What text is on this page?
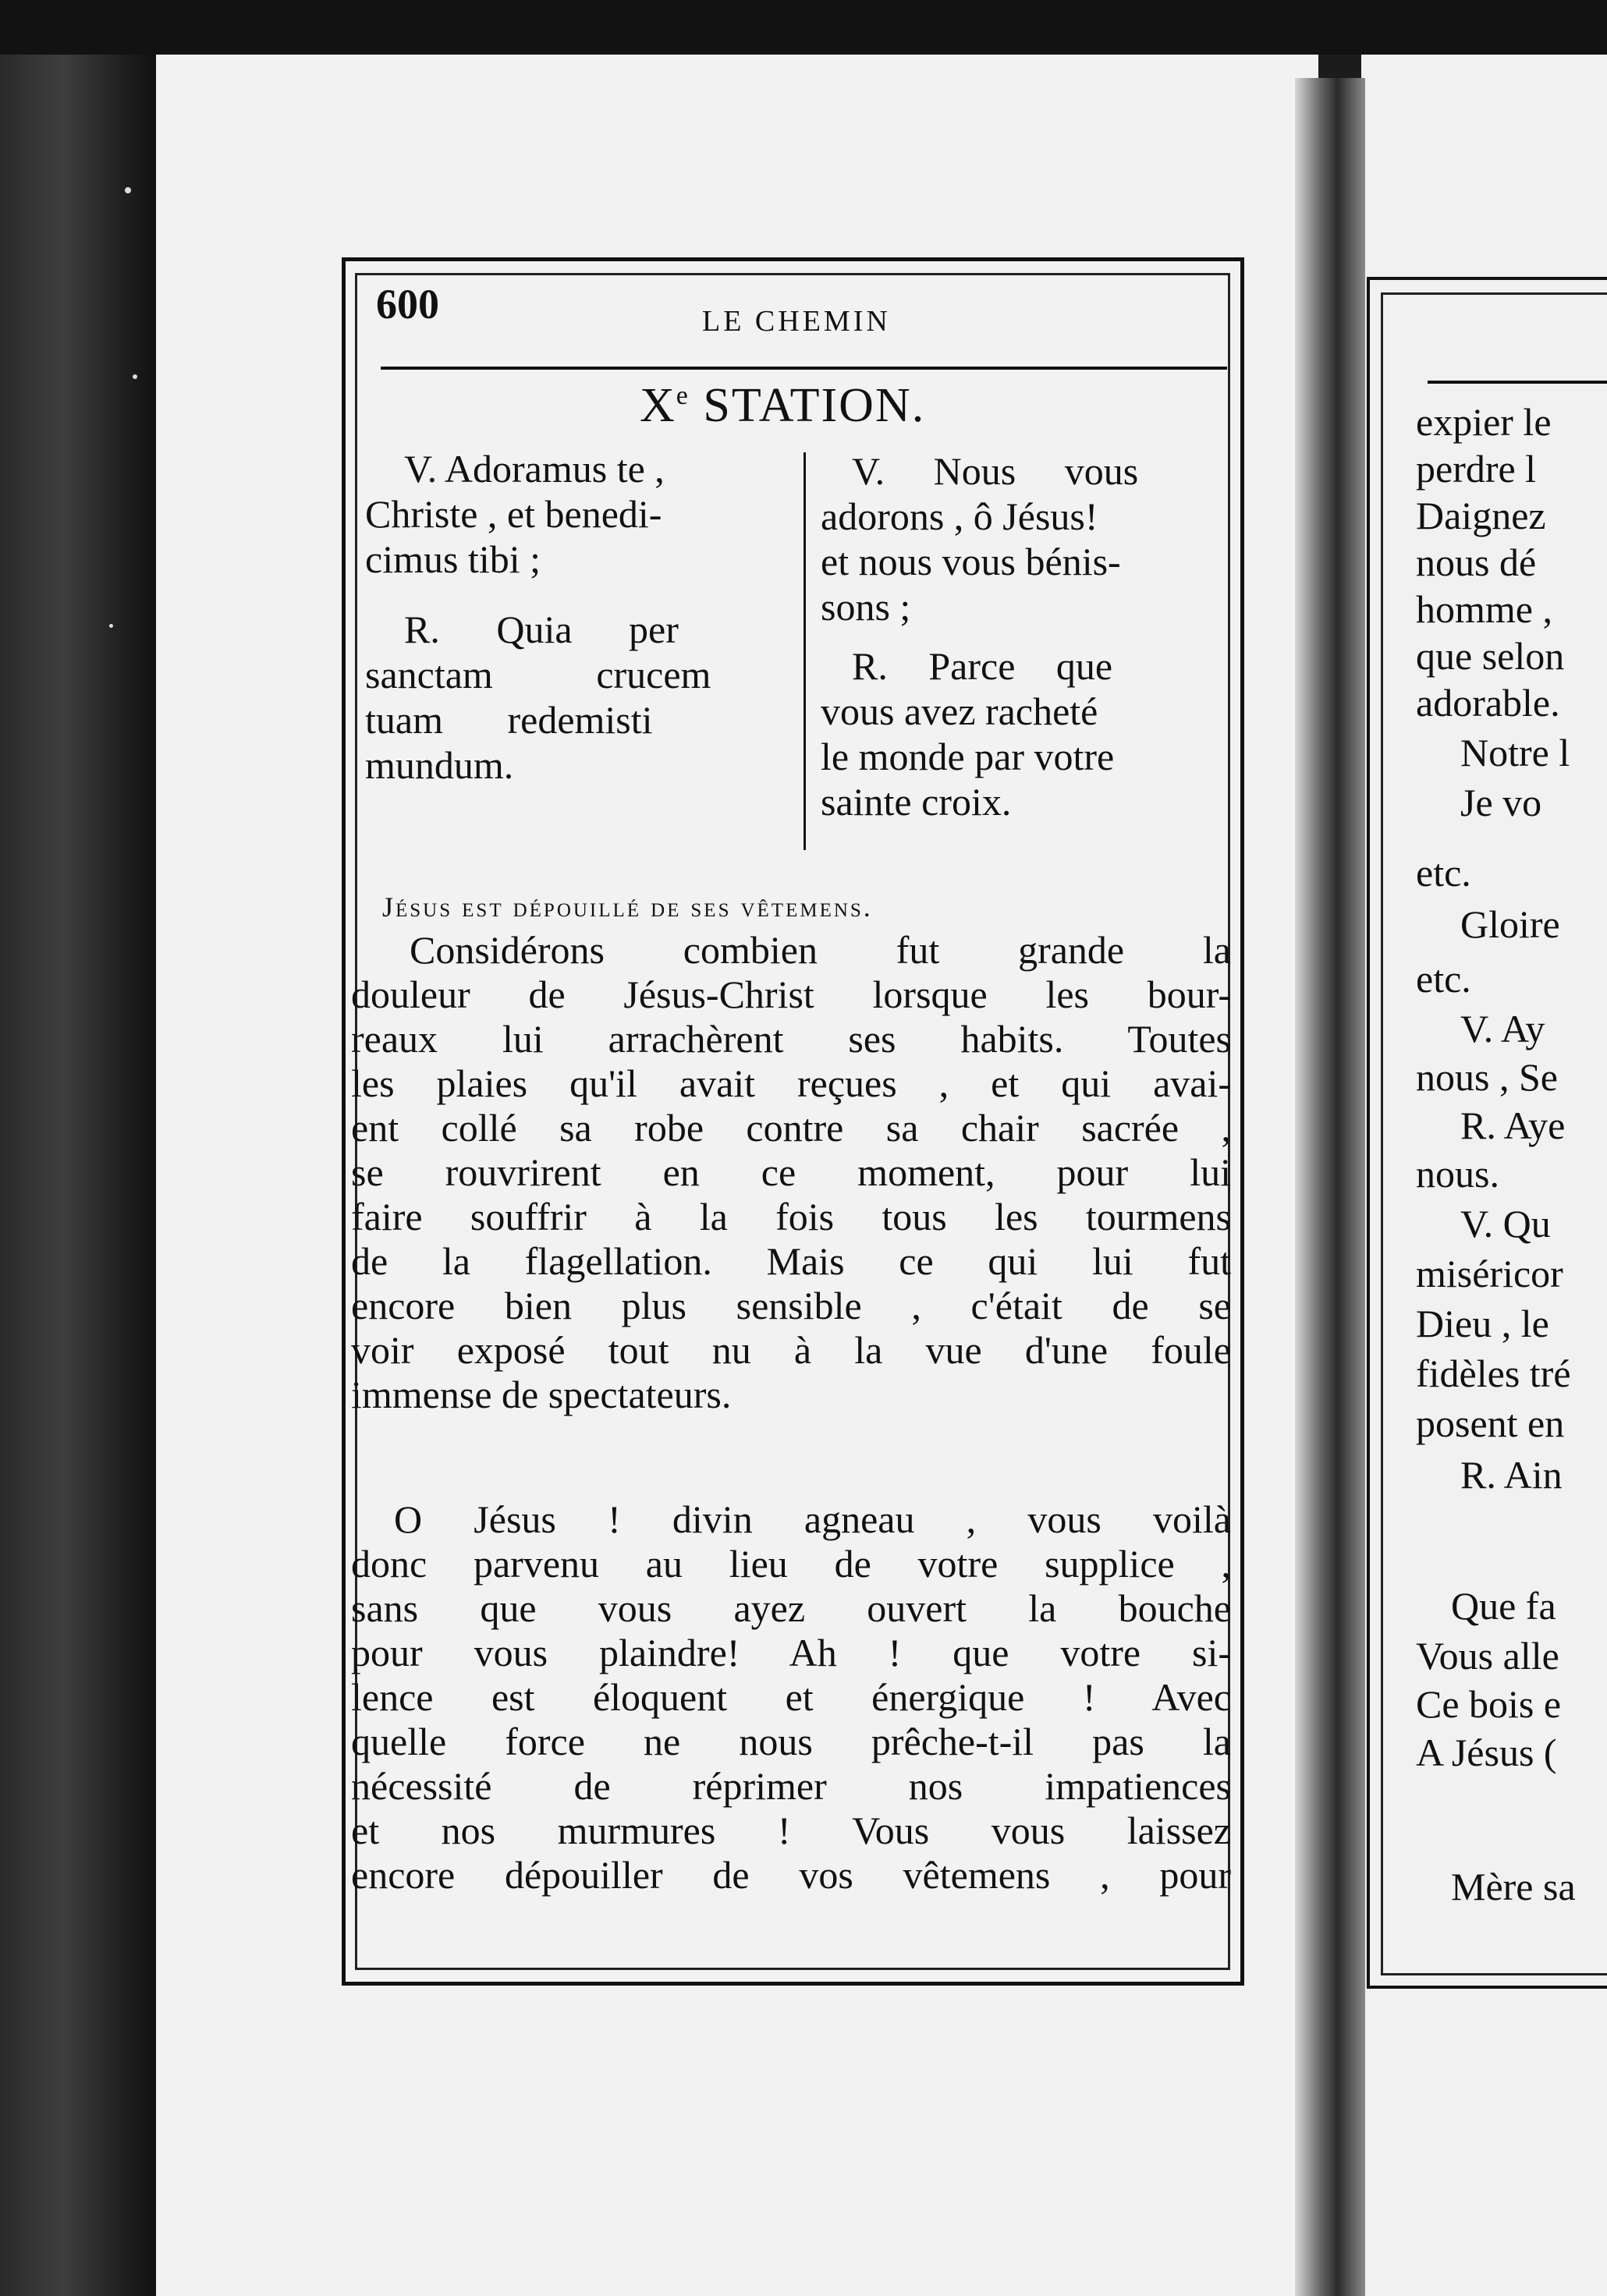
600	LE CHEMIN
Xe STATION.

V. Adoramus te ,

Christe , et benedi-

cimus tibi ;

R. Quia per

sanctam crucem

tuam redemisti

mundum.

V. Nous vous

adorons , ô Jésus!

et nous vous bénis-

sons ;

R. Parce que

vous avez racheté

le monde par votre

sainte croix.

Jésus est dépouillé de ses vêtemens.
Considérons combien fut grande la
douleur de Jésus-Christ lorsque les bour-
reaux lui arrachèrent ses habits. Toutes
les plaies qu'il avait reçues , et qui avai-
ent collé sa robe contre sa chair sacrée ,
se rouvrirent en ce moment, pour lui
faire souffrir à la fois tous les tourmens
de la flagellation. Mais ce qui lui fut
encore bien plus sensible , c'était de se
voir exposé tout nu à la vue d'une foule
immense de spectateurs.
O Jésus ! divin agneau , vous voilà
donc parvenu au lieu de votre supplice ,
sans que vous ayez ouvert la bouche
pour vous plaindre! Ah ! que votre si-
lence est éloquent et énergique ! Avec
quelle force ne nous prêche-t-il pas la
nécessité de réprimer nos impatiences
et nos murmures ! Vous vous laissez
encore dépouiller de vos vêtemens , pour
expier le
perdre l
Daignez
nous dé
homme ,
que selon
adorable.
Notre l
Je vo
etc.
Gloire
etc.
V. Ay
nous , Se
R. Aye
nous.
V. Qu
miséricor
Dieu , le
fidèles tré
posent en
R. Ain
Que fa
Vous alle
Ce bois e
A Jésus (
Mère sa
